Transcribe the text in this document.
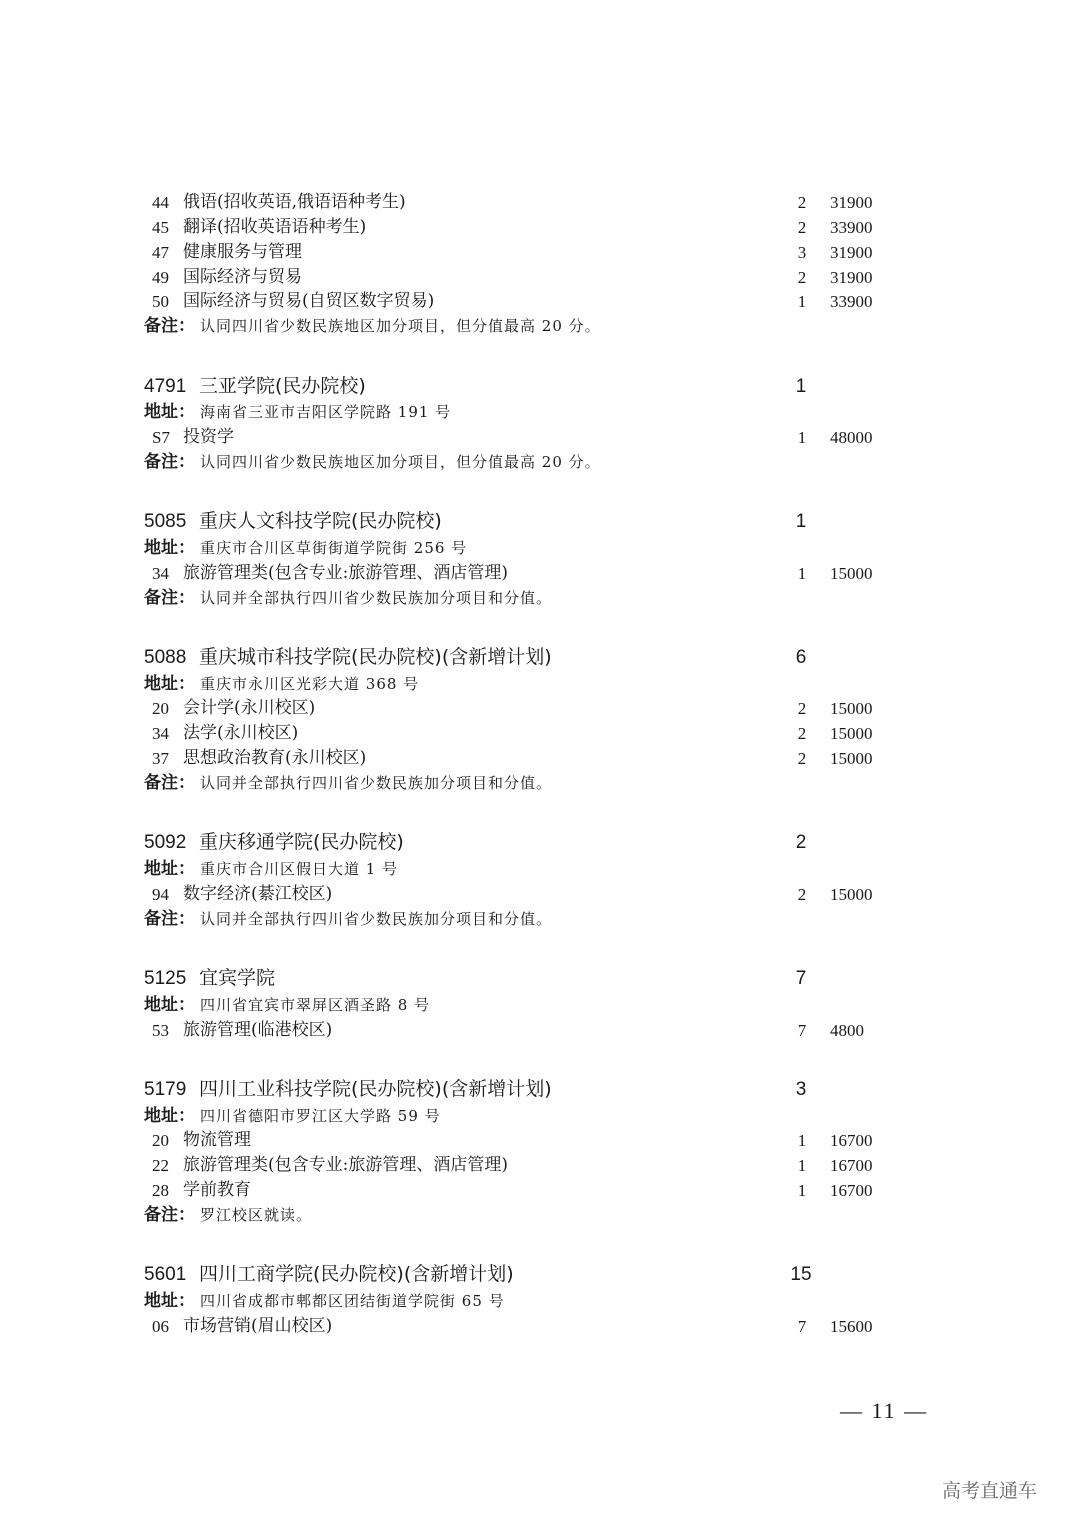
44 俄语(招收英语,俄语语种考生)	2 31900
45 翻译(招收英语语种考生)	2 33900
47 健康服务与管理	3 31900
49 国际经济与贸易	2 31900
50 国际经济与贸易(自贸区数字贸易)	1 33900
备注： 认同四川省少数民族地区加分项目，但分值最高 20 分。
4791 三亚学院(民办院校)	1
地址： 海南省三亚市吉阳区学院路 191 号
S7 投资学	1 48000
备注： 认同四川省少数民族地区加分项目，但分值最高 20 分。
5085 重庆人文科技学院(民办院校)	1
地址： 重庆市合川区草街街道学院街 256 号
34 旅游管理类(包含专业:旅游管理、酒店管理)	1 15000
备注： 认同并全部执行四川省少数民族加分项目和分值。
5088 重庆城市科技学院(民办院校)(含新增计划)	6
地址： 重庆市永川区光彩大道 368 号
20 会计学(永川校区)	2 15000
34 法学(永川校区)	2 15000
37 思想政治教育(永川校区)	2 15000
备注： 认同并全部执行四川省少数民族加分项目和分值。
5092 重庆移通学院(民办院校)	2
地址： 重庆市合川区假日大道 1 号
94 数字经济(綦江校区)	2 15000
备注： 认同并全部执行四川省少数民族加分项目和分值。
5125 宜宾学院	7
地址： 四川省宜宾市翠屏区酒圣路 8 号
53 旅游管理(临港校区)	7 4800
5179 四川工业科技学院(民办院校)(含新增计划)	3
地址： 四川省德阳市罗江区大学路 59 号
20 物流管理	1 16700
22 旅游管理类(包含专业:旅游管理、酒店管理)	1 16700
28 学前教育	1 16700
备注： 罗江校区就读。
5601 四川工商学院(民办院校)(含新增计划)	15
地址： 四川省成都市郫都区团结街道学院街 65 号
06 市场营销(眉山校区)	7 15600
— 11 —
高考直通车
